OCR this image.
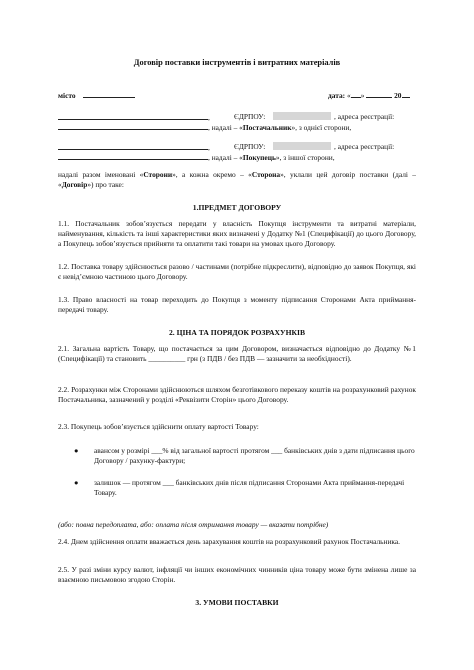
Договір поставки інструментів і витратних матеріалів
місто	дата: « »	20
,	ЄДРПОУ:	, адреса реєстрації:
, надалі – «Постачальник», з однієї сторони,
,	ЄДРПОУ:	, адреса реєстрації:
, надалі – «Покупець», з іншої сторони,
надалі разом іменовані «Сторони», а кожна окремо – «Сторона», уклали цей договір поставки (далі – «Договір») про таке:
1.ПРЕДМЕТ ДОГОВОРУ
1.1. Постачальник зобов’язується передати у власність Покупця інструменти та витратні матеріали, найменування, кількість та інші характеристики яких визначені у Додатку №1 (Специфікації) до цього Договору, а Покупець зобов’язується прийняти та оплатити такі товари на умовах цього Договору.
1.2. Поставка товару здійснюється разово / частинами (потрібне підкреслити), відповідно до заявок Покупця, які є невід’ємною частиною цього Договору.
1.3. Право власності на товар переходить до Покупця з моменту підписання Сторонами Акта приймання-передачі товару.
2. ЦІНА ТА ПОРЯДОК РОЗРАХУНКІВ
2.1. Загальна вартість Товару, що постачається за цим Договором, визначається відповідно до Додатку №1 (Специфікації) та становить __________ грн (з ПДВ / без ПДВ — зазначити за необхідності).
2.2. Розрахунки між Сторонами здійснюються шляхом безготівкового переказу коштів на розрахунковий рахунок Постачальника, зазначений у розділі «Реквізити Сторін» цього Договору.
2.3. Покупець зобов’язується здійснити оплату вартості Товару:
●	авансом у розмірі ___% від загальної вартості протягом ___ банківських днів з дати підписання цього Договору / рахунку-фактури;
●	залишок — протягом ___ банківських днів після підписання Сторонами Акта приймання-передачі Товару.
(або: повна передоплата, або: оплата після отримання товару — вказати потрібне)
2.4. Днем здійснення оплати вважається день зарахування коштів на розрахунковий рахунок Постачальника.
2.5. У разі зміни курсу валют, інфляції чи інших економічних чинників ціна товару може бути змінена лише за взаємною письмовою згодою Сторін.
3. УМОВИ ПОСТАВКИ
